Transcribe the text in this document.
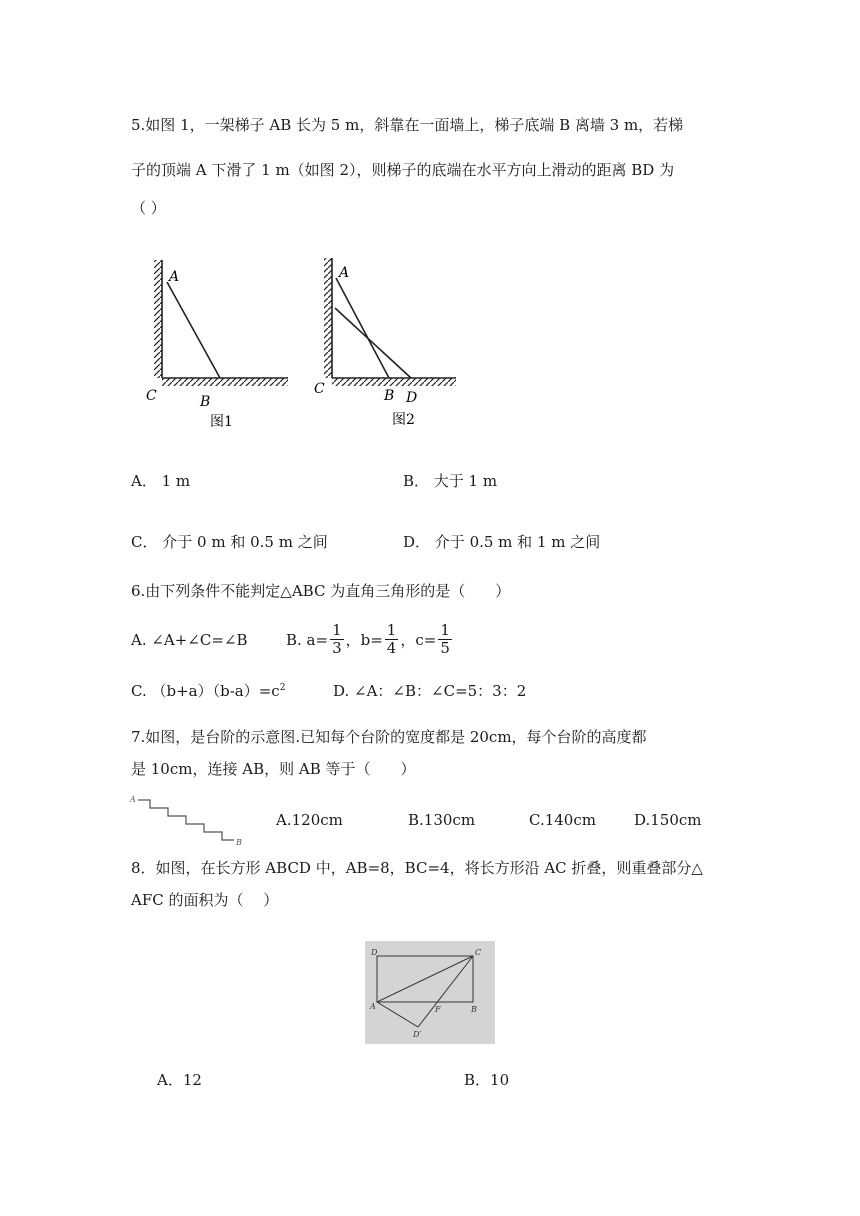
5.如图 1，一架梯子 AB 长为 5 m，斜靠在一面墙上，梯子底端 B 离墙 3 m，若梯
子的顶端 A 下滑了 1 m（如图 2），则梯子的底端在水平方向上滑动的距离 BD 为
（ ）
A
C	B
图1
A
C	B D
图2
A． 1 m	B． 大于 1 m
C． 介于 0 m 和 0.5 m 之间	D． 介于 0.5 m 和 1 m 之间
6.由下列条件不能判定△ABC 为直角三角形的是（　　）
A. ∠A+∠C=∠B	B. $a= \frac{1}{3}$ ，$b= \frac{1}{4}$ ，$c= \frac{1}{5}$
C. $(b+a)(b-a)=c^2$	D. ∠A：∠B：∠C=5：3：2
7.如图，是台阶的示意图.已知每个台阶的宽度都是 20cm，每个台阶的高度都
是 10cm，连接 AB，则 AB 等于（　　）
A
B
A.120cm	B.130cm	C.140cm	D.150cm
8．如图，在长方形 ABCD 中，AB=8，BC=4，将长方形沿 AC 折叠，则重叠部分△
AFC 的面积为（　 ）
D	C
A	B
F
D′
A．12	B．10
